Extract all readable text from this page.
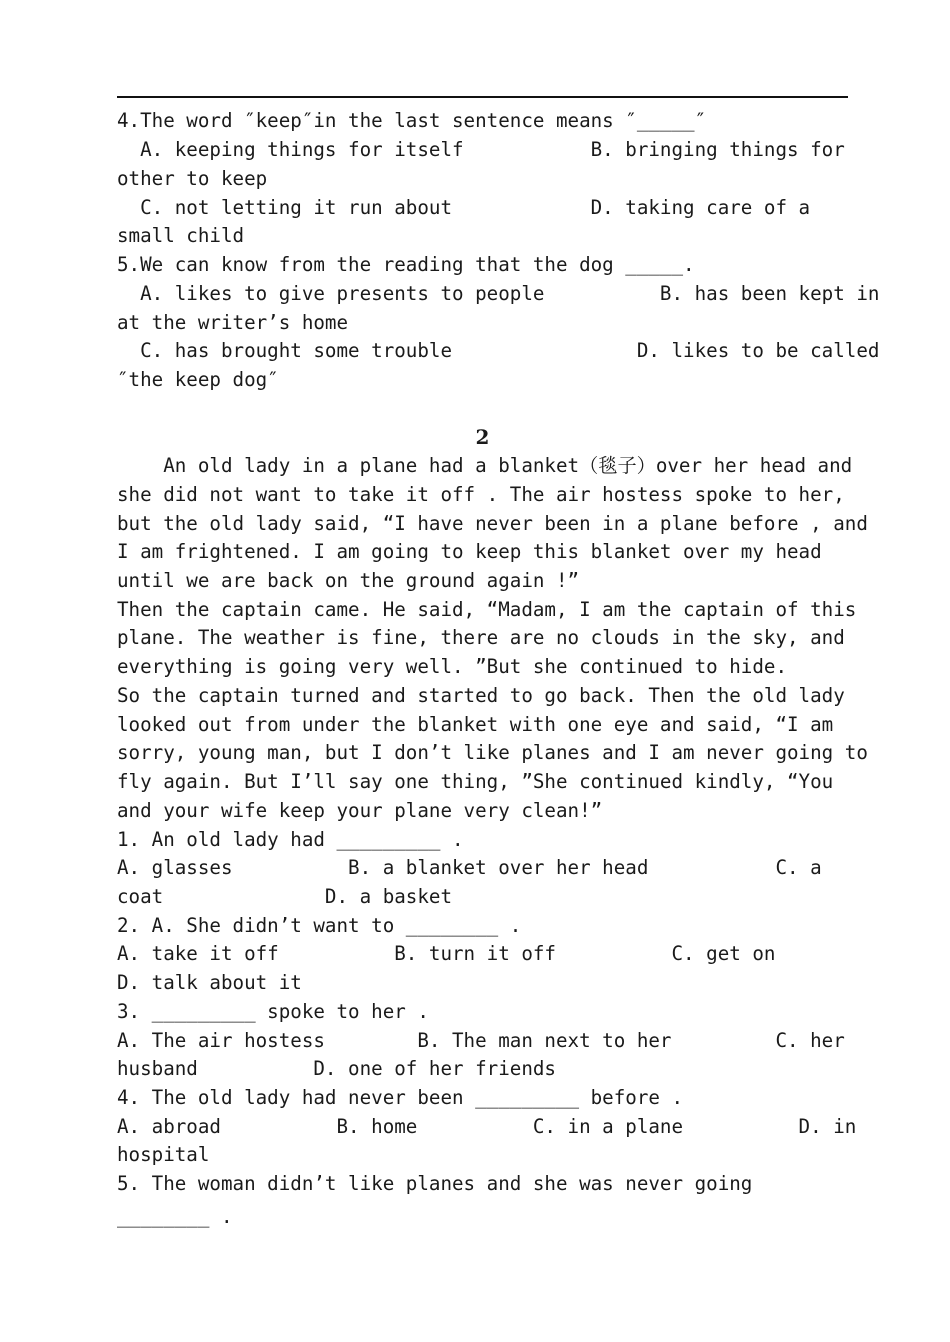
4.The word ″keep″in the last sentence means ″_____″
A. keeping things for itself           B. bringing things for
other to keep
C. not letting it run about            D. taking care of a
small child
5.We can know from the reading that the dog _____.
A. likes to give presents to people          B. has been kept in
at the writer’s home
C. has brought some trouble                D. likes to be called
″the keep dog″
2
An old lady in a plane had a blanket（毯子）over her head and
she did not want to take it off . The air hostess spoke to her,
but the old lady said, “I have never been in a plane before , and
I am frightened. I am going to keep this blanket over my head
until we are back on the ground again !”
Then the captain came. He said, “Madam, I am the captain of this
plane. The weather is fine, there are no clouds in the sky, and
everything is going very well. ”But she continued to hide.
So the captain turned and started to go back. Then the old lady
looked out from under the blanket with one eye and said, “I am
sorry, young man, but I don’t like planes and I am never going to
fly again. But I’ll say one thing, ”She continued kindly, “You
and your wife keep your plane very clean!”
1. An old lady had _________ .
A. glasses          B. a blanket over her head           C. a
coat              D. a basket
2. A. She didn’t want to ________ .
A. take it off          B. turn it off          C. get on
D. talk about it
3. _________ spoke to her .
A. The air hostess        B. The man next to her         C. her
husband          D. one of her friends
4. The old lady had never been _________ before .
A. abroad          B. home          C. in a plane          D. in
hospital
5. The woman didn’t like planes and she was never going
________ .
